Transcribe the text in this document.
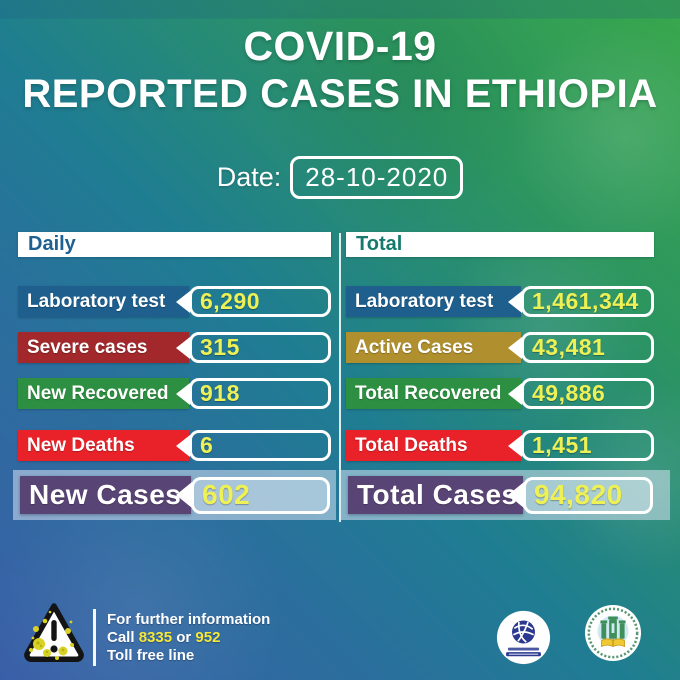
COVID-19
REPORTED CASES IN ETHIOPIA
Date: 28-10-2020
Daily
Laboratory test 6,290
Severe cases 315
New Recovered 918
New Deaths	6
New Cases 602
Total
Laboratory test 1,461,344
Active Cases	43,481
Total Recovered 49,886
Total Deaths	1,451
Total Cases 94,820
For further information
Call 8335 or 952
Toll free line
